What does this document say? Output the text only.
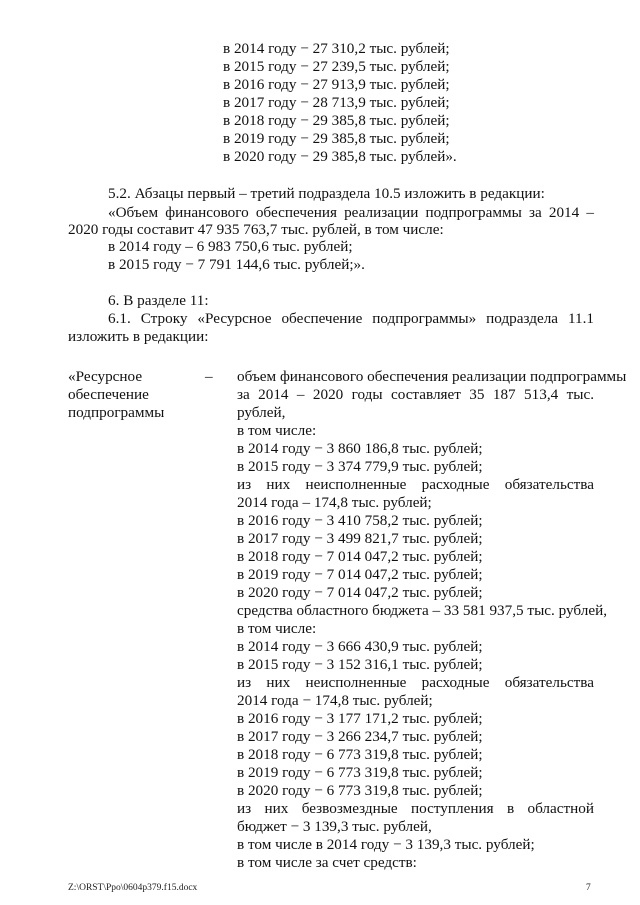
в 2014 году − 27 310,2 тыс. рублей;
в 2015 году − 27 239,5 тыс. рублей;
в 2016 году − 27 913,9 тыс. рублей;
в 2017 году − 28 713,9 тыс. рублей;
в 2018 году − 29 385,8 тыс. рублей;
в 2019 году − 29 385,8 тыс. рублей;
в 2020 году − 29 385,8 тыс. рублей».
5.2. Абзацы первый – третий подраздела 10.5 изложить в редакции:
«Объем финансового обеспечения реализации подпрограммы за 2014 –
2020 годы составит 47 935 763,7 тыс. рублей, в том числе:
в 2014 году – 6 983 750,6 тыс. рублей;
в 2015 году − 7 791 144,6 тыс. рублей;».
6. В разделе 11:
6.1. Строку «Ресурсное обеспечение подпрограммы» подраздела 11.1
изложить в редакции:
«Ресурсное	–
обеспечение
подпрограммы
объем финансового обеспечения реализации подпрограммы
за 2014 – 2020 годы составляет 35 187 513,4 тыс.
рублей,
в том числе:
в 2014 году − 3 860 186,8 тыс. рублей;
в 2015 году − 3 374 779,9 тыс. рублей;
из них неисполненные расходные обязательства
2014 года – 174,8 тыс. рублей;
в 2016 году − 3 410 758,2 тыс. рублей;
в 2017 году − 3 499 821,7 тыс. рублей;
в 2018 году − 7 014 047,2 тыс. рублей;
в 2019 году − 7 014 047,2 тыс. рублей;
в 2020 году − 7 014 047,2 тыс. рублей;
средства областного бюджета – 33 581 937,5 тыс. рублей,
в том числе:
в 2014 году − 3 666 430,9 тыс. рублей;
в 2015 году − 3 152 316,1 тыс. рублей;
из них неисполненные расходные обязательства
2014 года − 174,8 тыс. рублей;
в 2016 году − 3 177 171,2 тыс. рублей;
в 2017 году − 3 266 234,7 тыс. рублей;
в 2018 году − 6 773 319,8 тыс. рублей;
в 2019 году − 6 773 319,8 тыс. рублей;
в 2020 году − 6 773 319,8 тыс. рублей;
из них безвозмездные поступления в областной
бюджет − 3 139,3 тыс. рублей,
в том числе в 2014 году − 3 139,3 тыс. рублей;
в том числе за счет средств:
Z:\ORST\Ppo\0604p379.f15.docx	7
